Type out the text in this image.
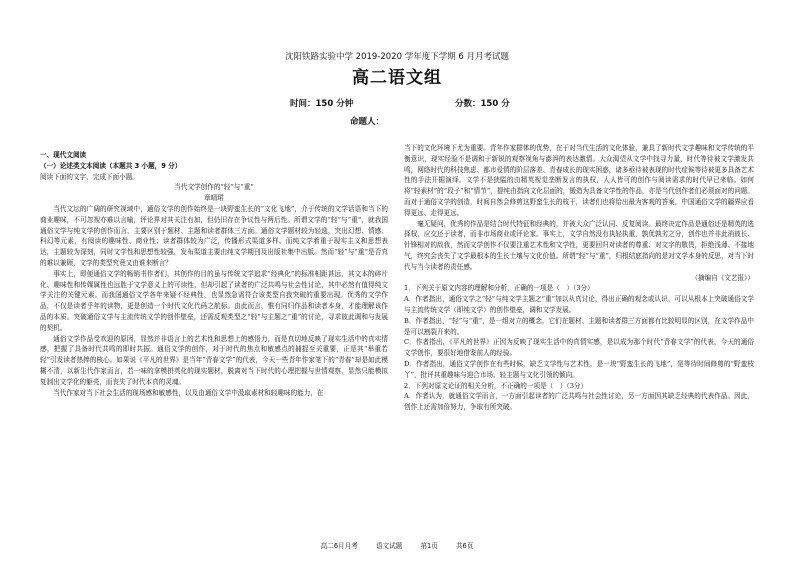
沈阳铁路实验中学 2019-2020 学年度下学期 6 月月考试题
高二语文组
时间：150 分钟	分数：150 分
命题人：

一、现代文阅读

（一）论述类文本阅读（本题共 3 小题，9 分）

阅读下面的文字，完成下面小题。

当代文学创作的“轻”与“重”

章晴珺

当代文坛的广阔的研究视域中，通俗文学的创作始终是一块野蛮生长的“文化飞地”，介于传统的文学话语和当下的商业趣味，不可忽视亦难以言喻，评论界对其关注有加，但仍旧存在争议性与两后性。所谓文学的“轻”与“重”，就我国通俗文学与纯文学的创作而言，主要区别于题材、主题和读者群体三方面。通俗文学题材较为轻逸，突出幻想、情感、科幻等元素，有阅读的趣味性、商业性；读者群体较为广泛，传播形式渠道多样。而纯文学着重于现实主义和思想表达，主题较为深刻，同时文学性和思想性较强，发布渠道主要由纯文学期刊及出版社集中出版。然而“轻”与“重”是否真的难以兼顾，文学的类型究竟又由谁来断言？

事实上，即便通俗文学的畅销书作者们，其创作的目的虽与传统文学追求“经典化”的标准相距甚远，其文本的碎片化、趣味性和传媒属性也远胜于文学意义上的可读性，但却引起了读者的广泛共鸣与社会性讨论，其中必然有值得纯文学关注的关键元素。而我国通俗文学各年来疑不经典性，也显然急需符合该类型自我突破的重要出现。优秀的文学作品，不仅是读者乎年的读物，更是创造一个时代文化代码之航标。由此而言，惟有同归作品和读者本身，才能理解该作品的本质。突破通俗文学与主流传统文学的创作壁垒，还需反观类型之“轻”与主题之“重”的讨论，寻求彼此调和与发展的契机。

通俗文学作品受欢迎的原因，显然并非语言上的艺术性和思想上的感悟力，而是真切地反映了现实生活中的真实情感，把握了具备时代共鸣的即时共振。通俗文学的创作，对于时代的焦点和敏感点的捕捉至关重要，正是其“举重若轻”引发读者热捧的核心。如果说《平凡的世界》是当年“青春文学”的代表，今天一些青年作家笔下的“青春”却是如此模糊不清，以新生代作家而言，若一味的拿模拼英化的现实题材，脱离对当下时代的心理把握与世情观察，显然只能模拟复制出文学化的躯壳，而丧失了时代本真的灵魂。

当代作家对当下社会生活的现场感和敏感性，以及由通俗文学中汲取素材和轻趣味的能力，在

当下的文化环境下尤为重要。青年作家群体的优势，在于对当代生活的文化体验，兼具了新时代文学趣味和文学传统的平衡意识，现实经验不是调和于新锐的观察视角与澎湃的表达激情。大众渴望从文学中找寻力量，时代等待被文学激发共鸣，网络时代的科技焦虑、都市爱情的阶层落差、青春成长的现实困惑，诸多亟待被表现的时代症候等待被更多具备艺术性的手法开掘演绎。文学不是狭隘的由精英视觉垄断发言的执权，人人皆可的创作与阅读需求的时代早已来临。如何将“轻素材”的“段子”和“情节”，提纯由指向文化层面的，锻造为具备文学性的作品，亦是当代创作者们必须面对的问题。而对于通俗文学的创造，时间自然会修剪这野蛮生长的枝干，读者们也将给出最为客观的答案，中国通俗文学的疆界应看得更远、走得更远。

毫无疑问，优秀的作品是结合时代特征和经典的，并被大众广泛认同、反复阅读。最终决定作品是通俗还是精英的选择权，应交还于读者，而非市场商业或评论家。事实上，文学自然没有执轻执重，孰优孰劣之分，创作也并非此消彼长、针锋相对的敌我，然而文学创作不仅要注重艺术性和文学性，更要回归对读者的尊重、对文字的敬畏，拒绝浅薄、不接地气，终究会丧失了文学最根本的生长土壤与文化价值。所谓“轻”与“重”，归根结底指向的是对文学本身的反思，对当下时代与当今读者的责任感。

（摘编自《文艺报》）

1．下列关于原文内容的理解和分析，正确的一项是（　）（3分）

A．作者指出，通俗文学之“轻”与纯文学主题之“重”加以从真讨论，得出正确的观念或认识，可以从根本上突破通俗文学与主流传统文学（即纯文学）的创作壁垒，调和文学发展。

B．作者指出，“轻”与“重”，是一组对立的概念，它们在题材、主题和读者群三方面都有比较明显的区别，在文学作品中是可以割裂开来的。

C．作者指出，《平凡的世界》正因为反映了现实生活中的真情实感，是以成为那个时代“青春文学”的代表，今天的通俗文学创作，要很好地借鉴前人的经验。

D．作者指出，通俗文学创作在有些时候，缺乏文学性与艺术性，是一块“野蛮生长的飞地”，是等待时间修剪的“野蛮枝丫”，批评其重趣味与迎合市场、轻主题与文化引领的倾向。

2．下列对原文论证的相关分析，不正确的一项是（　）（3分）

A．作者认为，就通俗文学而言，一方面引起读者的广泛共鸣与社会性讨论，另一方面因其缺乏经典的代表作品。因此，创作上还需加倍努力，争取有所突破。

高二6月月考	语文试题	第1页	共6页
